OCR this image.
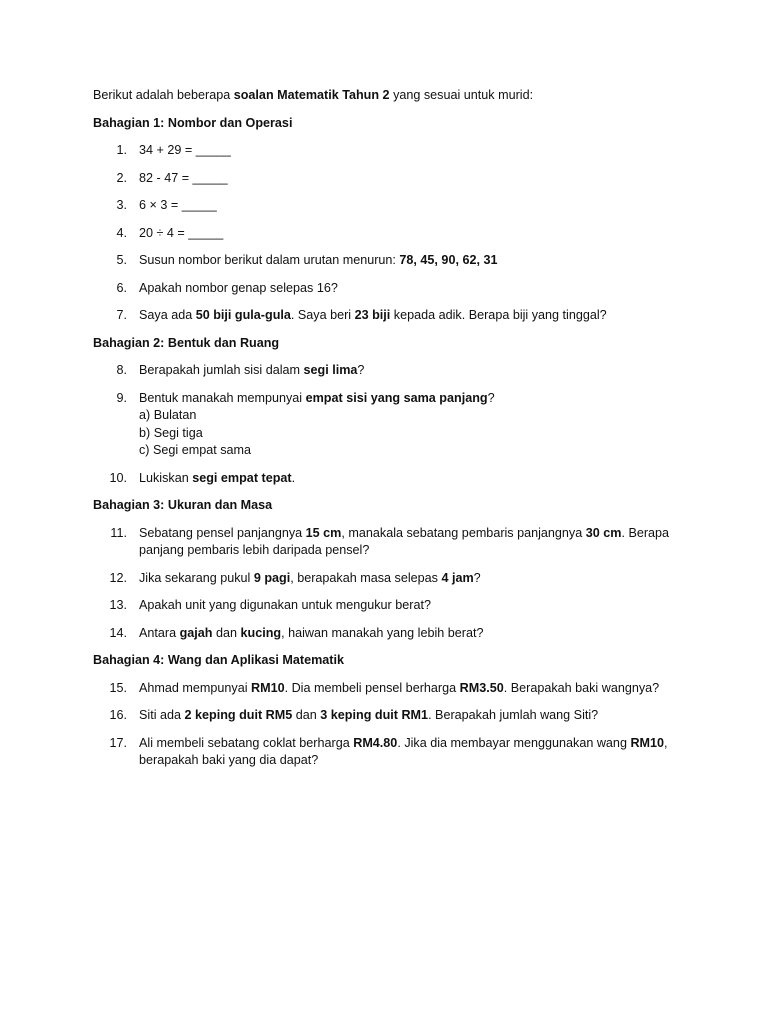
Berikut adalah beberapa soalan Matematik Tahun 2 yang sesuai untuk murid:

Bahagian 1: Nombor dan Operasi

1. 34 + 29 = _____
2. 82 - 47 = _____
3. 6 × 3 = _____
4. 20 ÷ 4 = _____
5. Susun nombor berikut dalam urutan menurun: 78, 45, 90, 62, 31
6. Apakah nombor genap selepas 16?
7. Saya ada 50 biji gula-gula. Saya beri 23 biji kepada adik. Berapa biji yang tinggal?

Bahagian 2: Bentuk dan Ruang

8. Berapakah jumlah sisi dalam segi lima?
9. Bentuk manakah mempunyai empat sisi yang sama panjang?
a) Bulatan
b) Segi tiga
c) Segi empat sama
10. Lukiskan segi empat tepat.

Bahagian 3: Ukuran dan Masa

11. Sebatang pensel panjangnya 15 cm, manakala sebatang pembaris panjangnya 30 cm. Berapa panjang pembaris lebih daripada pensel?
12. Jika sekarang pukul 9 pagi, berapakah masa selepas 4 jam?
13. Apakah unit yang digunakan untuk mengukur berat?
14. Antara gajah dan kucing, haiwan manakah yang lebih berat?

Bahagian 4: Wang dan Aplikasi Matematik

15. Ahmad mempunyai RM10. Dia membeli pensel berharga RM3.50. Berapakah baki wangnya?
16. Siti ada 2 keping duit RM5 dan 3 keping duit RM1. Berapakah jumlah wang Siti?
17. Ali membeli sebatang coklat berharga RM4.80. Jika dia membayar menggunakan wang RM10, berapakah baki yang dia dapat?
